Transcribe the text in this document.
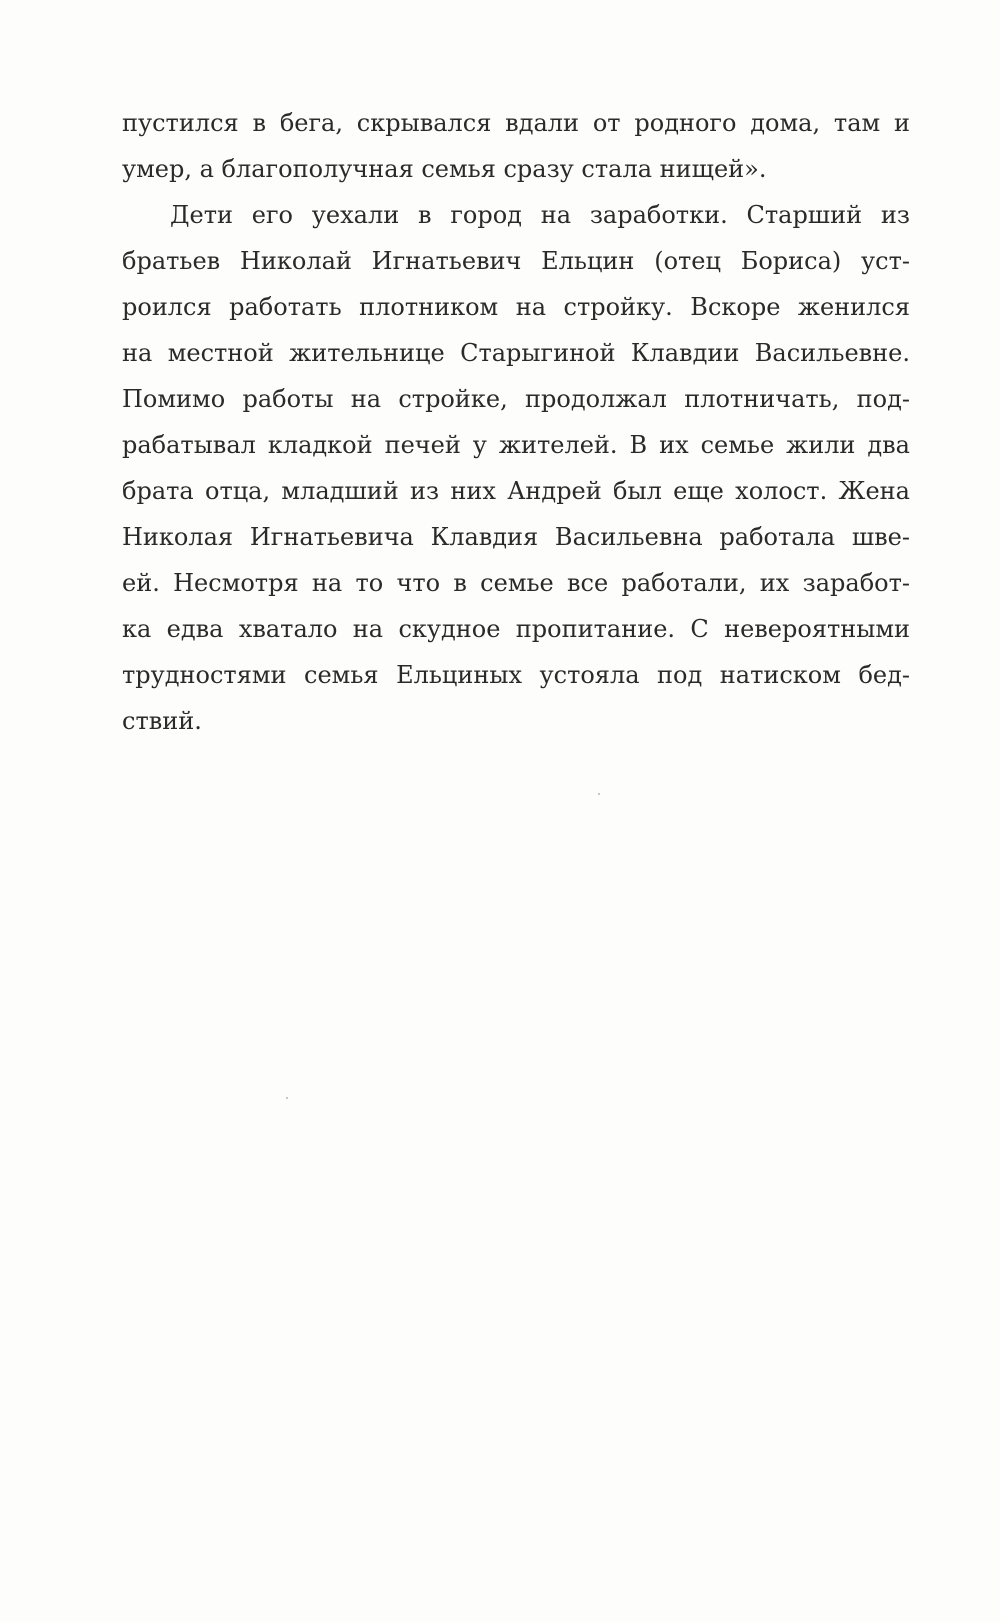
пустился в бега, скрывался вдали от родного дома, там и
умер, а благополучная семья сразу стала нищей».
Дети его уехали в город на заработки. Старший из
братьев Николай Игнатьевич Ельцин (отец Бориса) уст-
роился работать плотником на стройку. Вскоре женился
на местной жительнице Старыгиной Клавдии Васильевне.
Помимо работы на стройке, продолжал плотничать, под-
рабатывал кладкой печей у жителей. В их семье жили два
брата отца, младший из них Андрей был еще холост. Жена
Николая Игнатьевича Клавдия Васильевна работала шве-
ей. Несмотря на то что в семье все работали, их заработ-
ка едва хватало на скудное пропитание. С невероятными
трудностями семья Ельциных устояла под натиском бед-
ствий.
